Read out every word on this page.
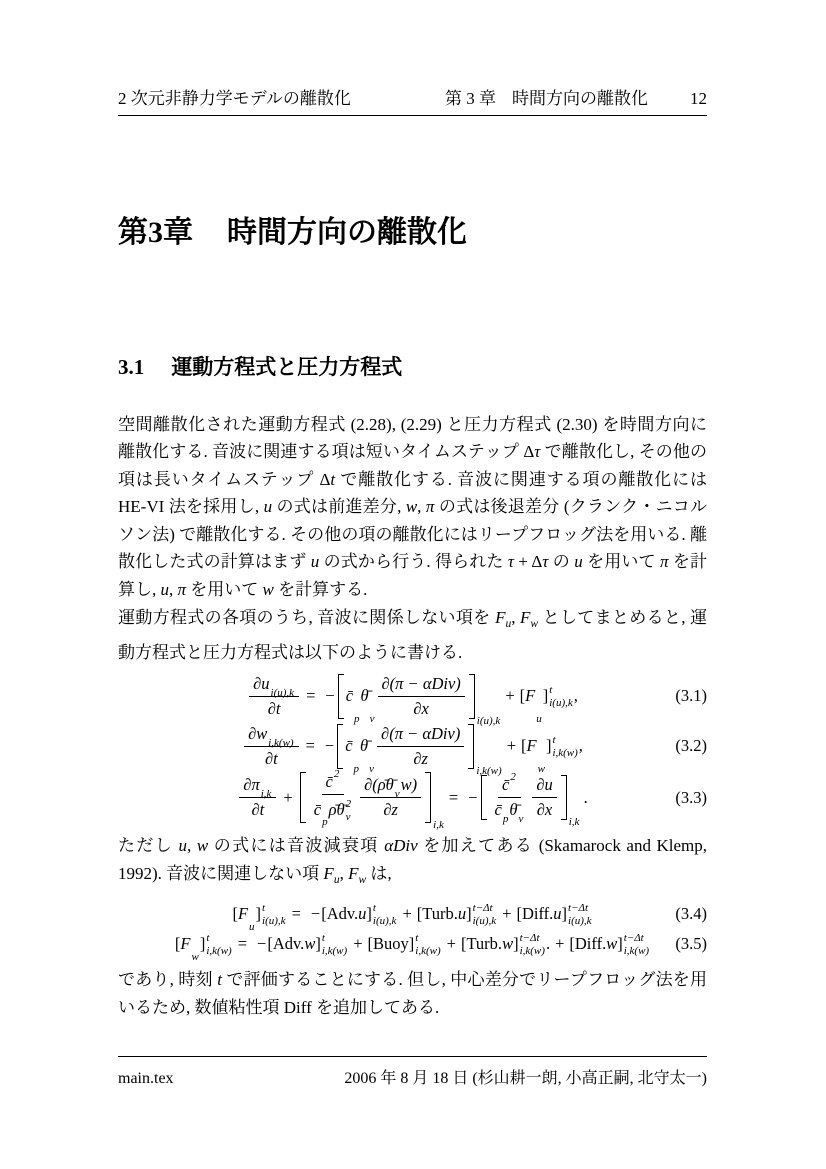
2 次元非静力学モデルの離散化	第 3 章 時間方向の離散化 12
第3章 時間方向の離散化
3.1 運動方程式と圧力方程式

空間離散化された運動方程式 (2.28), (2.29) と圧力方程式 (2.30) を時間方向に離散化する. 音波に関連する項は短いタイムステップ Δτ で離散化し, その他の項は長いタイムステップ Δt で離散化する. 音波に関連する項の離散化には HE-VI 法を採用し, u の式は前進差分, w, π の式は後退差分 (クランク・ニコルソン法) で離散化する. その他の項の離散化にはリープフロッグ法を用いる. 離散化した式の計算はまず u の式から行う. 得られた τ + Δτ の u を用いて π を計算し, u, π を用いて w を計算する.

運動方程式の各項のうち, 音波に関係しない項を $F_u$, $F_w$ としてまとめると, 運動方程式と圧力方程式は以下のように書ける.

$\frac{\text{∂u i(u),k}}{\partial t}$ = − c̄
p
θ̄
v $\frac{\text{∂(π − αDiv)}}{\partial x}$
i(u),k
+ [ F
u
] t
i(u),k ,	(3.1)
$\frac{\text{∂w i,k(w)}}{\partial t}$ = − c̄
p
θ̄
v $\frac{\text{∂(π − αDiv)}}{\partial z}$
i,k(w)
+ [ F
w
] t
i,k(w) ,	(3.2)
$\frac{\text{∂π i,k}}{\partial t}$ + c̄ 2
c̄
p
ρ̄ θ̄ 2
v $\frac{\text{∂(ρ̄θ̄ v w)}}{\partial z}$
i,k
= − $\frac{c̄ 2}{\text{c̄ p θ̄ v}} \frac{\partial u}{\partial x}$
i,k
.	(3.3)

ただし u, w の式には音波減衰項 αDiv を加えてある (Skamarock and Klemp, 1992). 音波に関連しない項 $F_u$, $F_w$ は,

[ F
u
] t
i(u),k = − [ Adv. u ] t
i(u),k + [ Turb. u ] t−Δt
i(u),k + [ Diff. u ] t−Δt
i(u),k	(3.4)
[ F
w
] t
i,k(w) = − [ Adv. w ] t
i,k(w) + [ Buoy ] t
i,k(w) + [ Turb. w ] t−Δt
i,k(w) . + [ Diff. w ] t−Δt
i,k(w) (3.5)

であり, 時刻 t で評価することにする. 但し, 中心差分でリープフロッグ法を用いるため, 数値粘性項 Diff を追加してある.

main.tex	2006 年 8 月 18 日 (杉山耕一朗, 小高正嗣, 北守太一)
